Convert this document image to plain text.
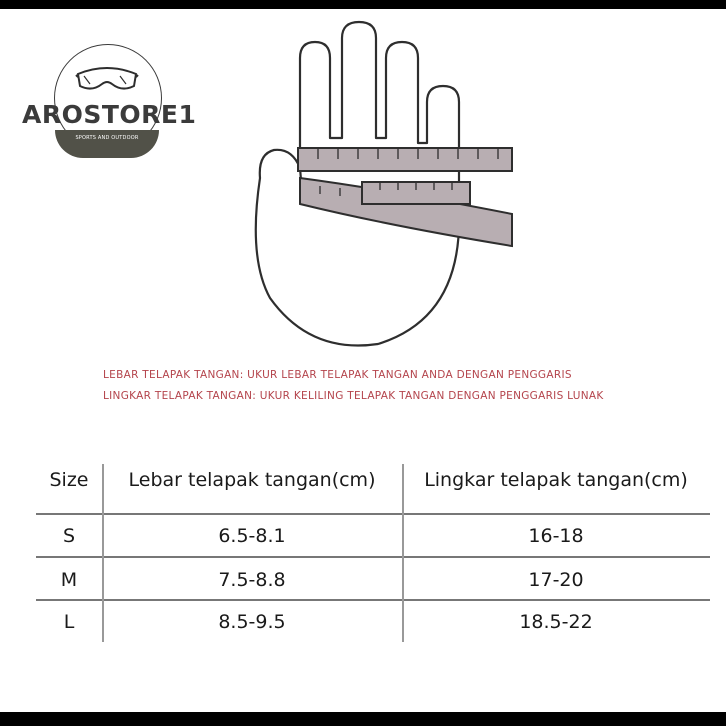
AROSTORE1
SPORTS AND OUTDOOR
LEBAR TELAPAK TANGAN: UKUR LEBAR TELAPAK TANGAN ANDA DENGAN PENGGARIS
LINGKAR TELAPAK TANGAN: UKUR KELILING TELAPAK TANGAN DENGAN PENGGARIS LUNAK
Size	Lebar telapak tangan(cm)	Lingkar telapak tangan(cm)
S	6.5-8.1	16-18
M	7.5-8.8	17-20
L	8.5-9.5	18.5-22
